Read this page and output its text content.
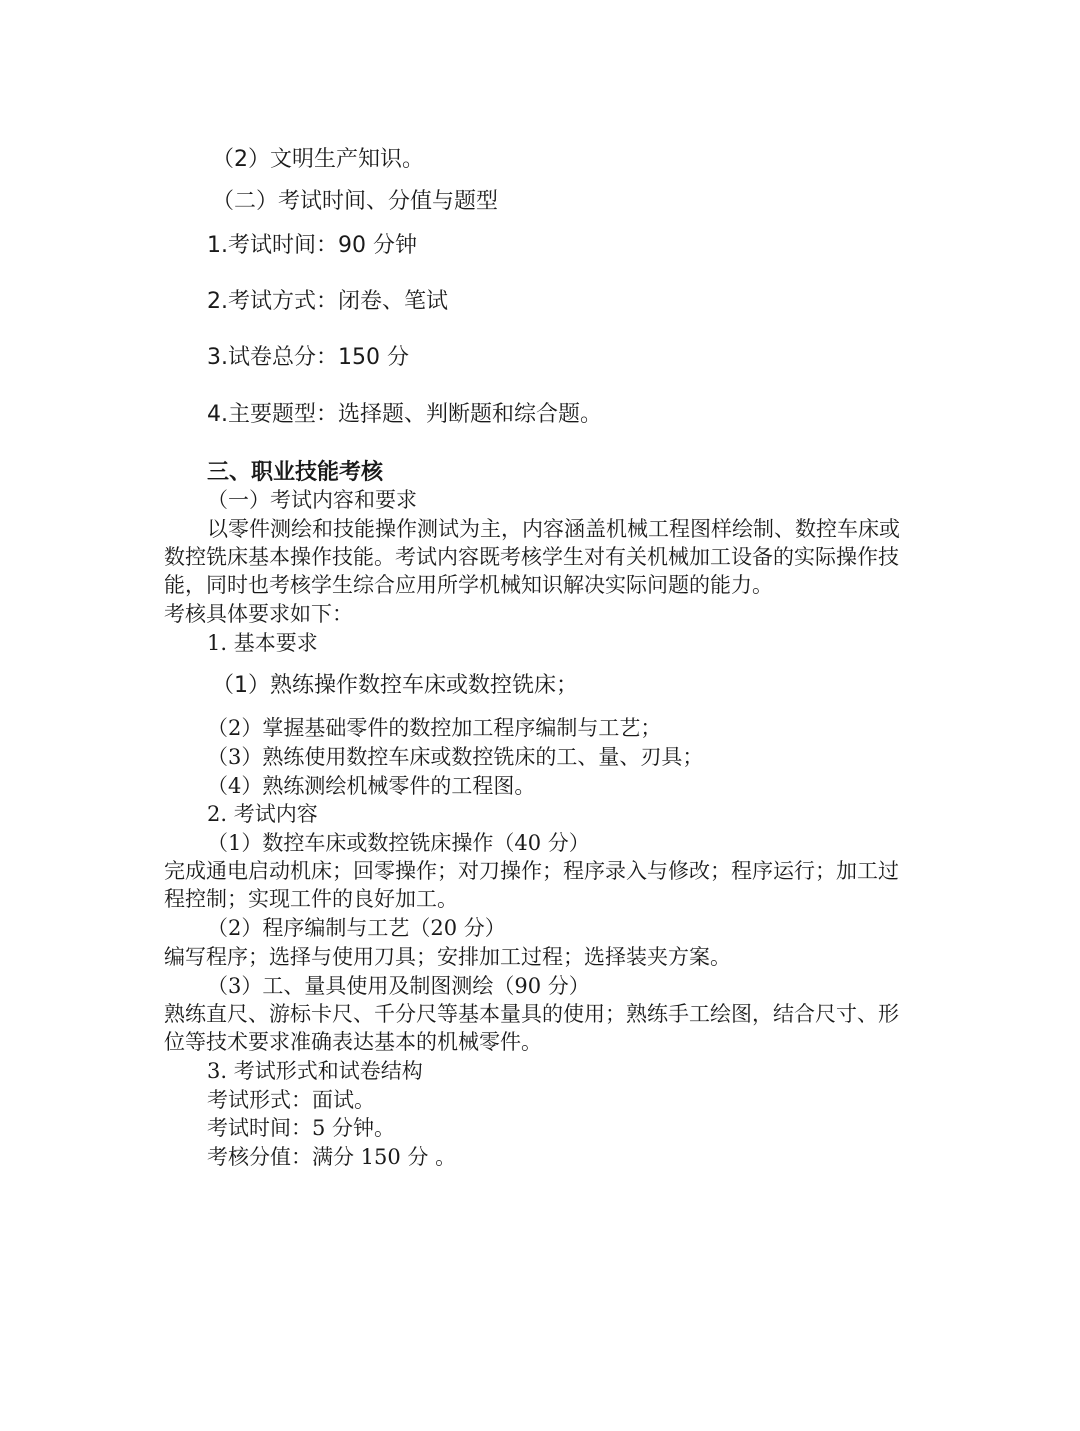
（2）文明生产知识。
（二）考试时间、分值与题型
1.考试时间：90 分钟
2.考试方式：闭卷、笔试
3.试卷总分：150 分
4.主要题型：选择题、判断题和综合题。
三、职业技能考核
（一）考试内容和要求
以零件测绘和技能操作测试为主，内容涵盖机械工程图样绘制、数控车床或
数控铣床基本操作技能。考试内容既考核学生对有关机械加工设备的实际操作技
能，同时也考核学生综合应用所学机械知识解决实际问题的能力。
考核具体要求如下：
1. 基本要求
（1）熟练操作数控车床或数控铣床；
（2）掌握基础零件的数控加工程序编制与工艺；
（3）熟练使用数控车床或数控铣床的工、量、刃具；
（4）熟练测绘机械零件的工程图。
2. 考试内容
（1）数控车床或数控铣床操作（40 分）
完成通电启动机床；回零操作；对刀操作；程序录入与修改；程序运行；加工过
程控制；实现工件的良好加工。
（2）程序编制与工艺（20 分）
编写程序；选择与使用刀具；安排加工过程；选择装夹方案。
（3）工、量具使用及制图测绘（90 分）
熟练直尺、游标卡尺、千分尺等基本量具的使用；熟练手工绘图，结合尺寸、形
位等技术要求准确表达基本的机械零件。
3. 考试形式和试卷结构
考试形式：面试。
考试时间：5 分钟。
考核分值：满分 150 分 。
